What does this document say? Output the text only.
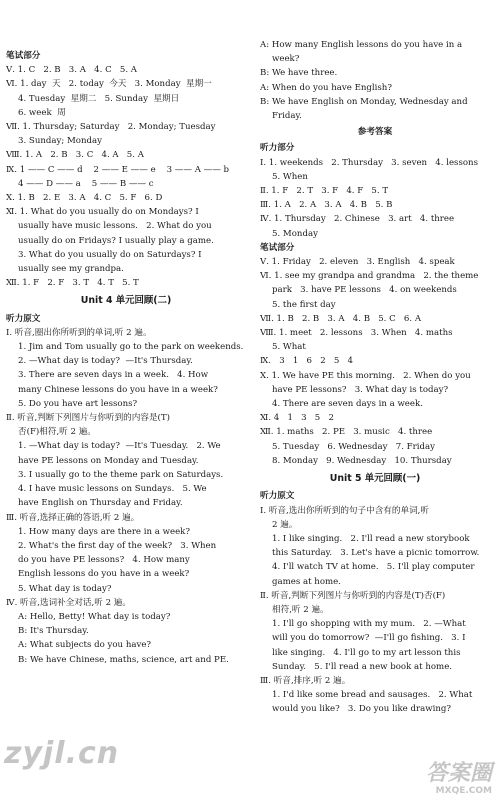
笔试部分
Ⅴ. 1. C   2. B   3. A   4. C   5. A
Ⅵ. 1. day  天   2. today  今天   3. Monday  星期一
4. Tuesday  星期二   5. Sunday  星期日
6. week  周
Ⅶ. 1. Thursday; Saturday   2. Monday; Tuesday
3. Sunday; Monday
Ⅷ. 1. A   2. B   3. C   4. A   5. A
Ⅸ. 1 —— C —— d    2 —— E —— e    3 —— A —— b
4 —— D —— a    5 —— B —— c
Ⅹ. 1. B   2. E   3. A   4. C   5. F   6. D
Ⅺ. 1. What do you usually do on Mondays? I
usually have music lessons.   2. What do you
usually do on Fridays? I usually play a game.
3. What do you usually do on Saturdays? I
usually see my grandpa.
Ⅻ. 1. F   2. F   3. T   4. T   5. T
Unit 4 单元回顾(二)
听力原文
Ⅰ. 听音,圈出你所听到的单词,听 2 遍。
1. Jim and Tom usually go to the park on weekends.
2. —What day is today?  —It's Thursday.
3. There are seven days in a week.   4. How
many Chinese lessons do you have in a week?
5. Do you have art lessons?
Ⅱ. 听音,判断下列图片与你听到的内容是(T)
否(F)相符,听 2 遍。
1. —What day is today?  —It's Tuesday.   2. We
have PE lessons on Monday and Tuesday.
3. I usually go to the theme park on Saturdays.
4. I have music lessons on Sundays.   5. We
have English on Thursday and Friday.
Ⅲ. 听音,选择正确的答语,听 2 遍。
1. How many days are there in a week?
2. What's the first day of the week?   3. When
do you have PE lessons?   4. How many
English lessons do you have in a week?
5. What day is today?
Ⅳ. 听音,选词补全对话,听 2 遍。
A: Hello, Betty! What day is today?
B: It's Thursday.
A: What subjects do you have?
B: We have Chinese, maths, science, art and PE.
A: How many English lessons do you have in a
week?
B: We have three.
A: When do you have English?
B: We have English on Monday, Wednesday and
Friday.
参考答案
听力部分
Ⅰ. 1. weekends   2. Thursday   3. seven   4. lessons
5. When
Ⅱ. 1. F   2. T   3. F   4. F   5. T
Ⅲ. 1. A   2. A   3. A   4. B   5. B
Ⅳ. 1. Thursday   2. Chinese   3. art   4. three
5. Monday
笔试部分
Ⅴ. 1. Friday   2. eleven   3. English   4. speak
Ⅵ. 1. see my grandpa and grandma   2. the theme
park   3. have PE lessons   4. on weekends
5. the first day
Ⅶ. 1. B   2. B   3. A   4. B   5. C   6. A
Ⅷ. 1. meet   2. lessons   3. When   4. maths
5. What
Ⅸ.   3   1   6   2   5   4
Ⅹ. 1. We have PE this morning.   2. When do you
have PE lessons?   3. What day is today?
4. There are seven days in a week.
Ⅺ. 4   1   3   5   2
Ⅻ. 1. maths   2. PE   3. music   4. three
5. Tuesday   6. Wednesday   7. Friday
8. Monday   9. Wednesday   10. Thursday
Unit 5 单元回顾(一)
听力原文
Ⅰ. 听音,选出你所听到的句子中含有的单词,听
2 遍。
1. I like singing.   2. I'll read a new storybook
this Saturday.   3. Let's have a picnic tomorrow.
4. I'll watch TV at home.   5. I'll play computer
games at home.
Ⅱ. 听音,判断下列图片与你听到的内容是(T)否(F)
相符,听 2 遍。
1. I'll go shopping with my mum.   2. —What
will you do tomorrow?  —I'll go fishing.   3. I
like singing.   4. I'll go to my art lesson this
Sunday.   5. I'll read a new book at home.
Ⅲ. 听音,排序,听 2 遍。
1. I'd like some bread and sausages.   2. What
would you like?   3. Do you like drawing?
zyjl.cn
答案圈
MXQE.COM
